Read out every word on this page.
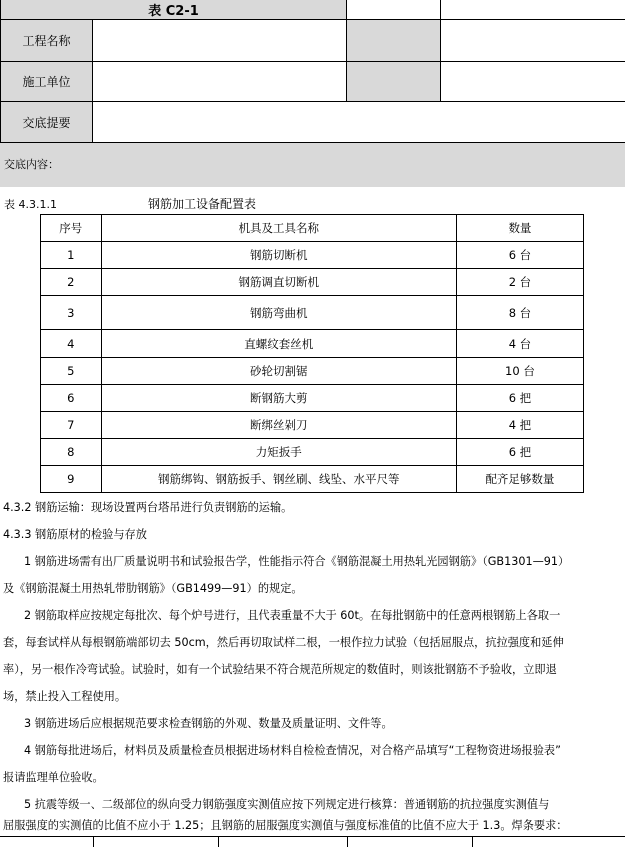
表 C2-1
工程名称
施工单位
交底提要
交底内容：
表 4.3.1.1	钢筋加工设备配置表
序号	机具及工具名称	数量
1	钢筋切断机	6 台
2	钢筋调直切断机	2 台
3	钢筋弯曲机	8 台
4	直螺纹套丝机	4 台
5	砂轮切割锯	10 台
6	断钢筋大剪	6 把
7	断绑丝剁刀	4 把
8	力矩扳手	6 把
9	钢筋绑钩、钢筋扳手、钢丝刷、线坠、水平尺等	配齐足够数量
4.3.2 钢筋运输：现场设置两台塔吊进行负责钢筋的运输。
4.3.3 钢筋原材的检验与存放
1 钢筋进场需有出厂质量说明书和试验报告学，性能指示符合《钢筋混凝土用热轧光园钢筋》（GB1301—91）
及《钢筋混凝土用热轧带肋钢筋》（GB1499—91）的规定。
2 钢筋取样应按规定每批次、每个炉号进行，且代表重量不大于 60t。在每批钢筋中的任意两根钢筋上各取一
套，每套试样从每根钢筋端部切去 50cm，然后再切取试样二根，一根作拉力试验（包括屈服点，抗拉强度和延伸
率），另一根作冷弯试验。试验时，如有一个试验结果不符合规范所规定的数值时，则该批钢筋不予验收，立即退
场，禁止投入工程使用。
3 钢筋进场后应根据规范要求检查钢筋的外观、数量及质量证明、文件等。
4 钢筋每批进场后，材料员及质量检查员根据进场材料自检检查情况，对合格产品填写“工程物资进场报验表”
报请监理单位验收。
5 抗震等级一、二级部位的纵向受力钢筋强度实测值应按下列规定进行核算：普通钢筋的抗拉强度实测值与
屈服强度的实测值的比值不应小于 1.25；且钢筋的屈服强度实测值与强度标准值的比值不应大于 1.3。焊条要求：
